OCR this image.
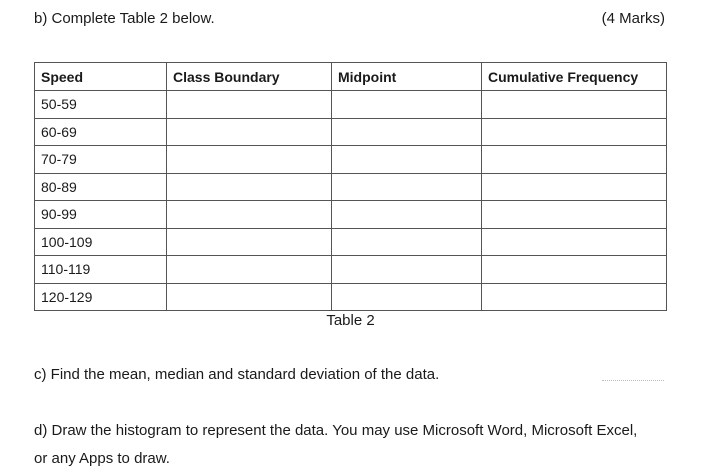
b) Complete Table 2 below.	(4 Marks)
Speed	Class Boundary	Midpoint	Cumulative Frequency
50-59			
60-69			
70-79			
80-89			
90-99			
100-109			
110-119			
120-129			
Table 2
c) Find the mean, median and standard deviation of the data.
d) Draw the histogram to represent the data. You may use Microsoft Word, Microsoft Excel,
or any Apps to draw.
